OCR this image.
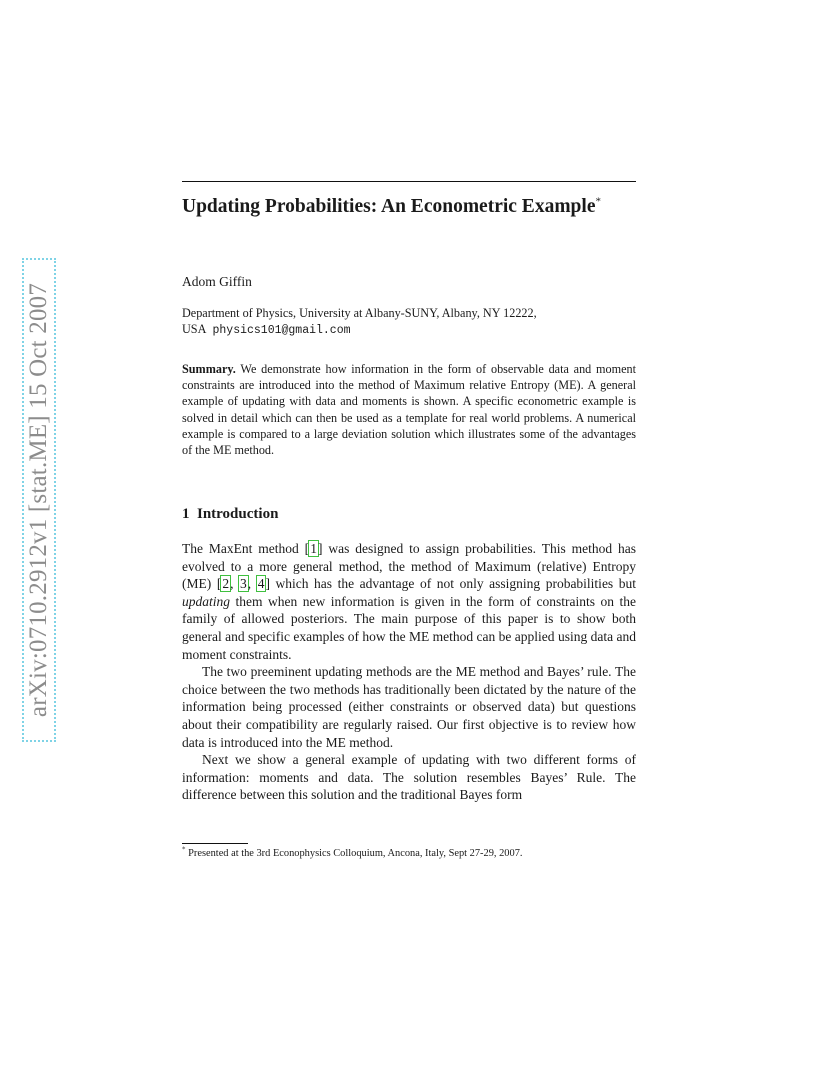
arXiv:0710.2912v1 [stat.ME] 15 Oct 2007
Updating Probabilities: An Econometric Example*
Adom Giffin
Department of Physics, University at Albany-SUNY, Albany, NY 12222, USA physics101@gmail.com
Summary. We demonstrate how information in the form of observable data and moment constraints are introduced into the method of Maximum relative Entropy (ME). A general example of updating with data and moments is shown. A specific econometric example is solved in detail which can then be used as a template for real world problems. A numerical example is compared to a large deviation solution which illustrates some of the advantages of the ME method.
1 Introduction

The MaxEnt method [1] was designed to assign probabilities. This method has evolved to a more general method, the method of Maximum (relative) Entropy (ME) [2, 3, 4] which has the advantage of not only assigning probabilities but updating them when new information is given in the form of constraints on the family of allowed posteriors. The main purpose of this paper is to show both general and specific examples of how the ME method can be applied using data and moment constraints.

The two preeminent updating methods are the ME method and Bayes’ rule. The choice between the two methods has traditionally been dictated by the nature of the information being processed (either constraints or observed data) but questions about their compatibility are regularly raised. Our first objective is to review how data is introduced into the ME method.

Next we show a general example of updating with two different forms of information: moments and data. The solution resembles Bayes’ Rule. The difference between this solution and the traditional Bayes form

* Presented at the 3rd Econophysics Colloquium, Ancona, Italy, Sept 27-29, 2007.
